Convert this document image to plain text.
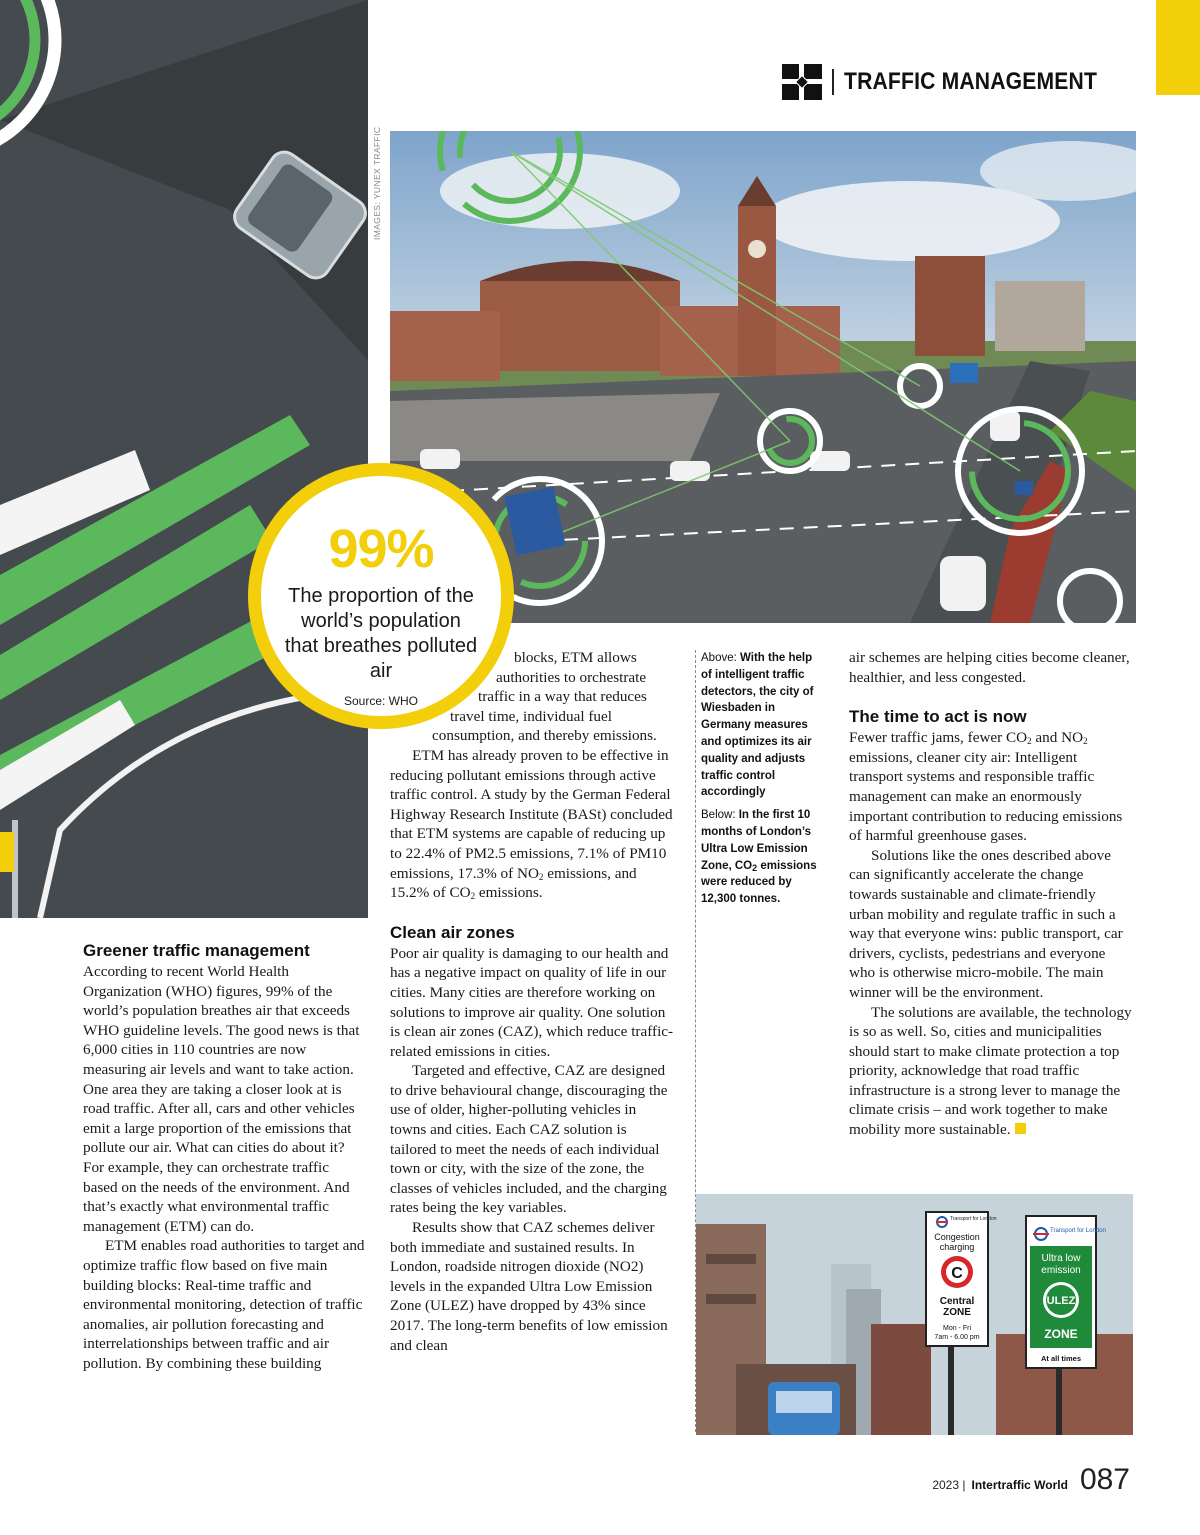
TRAFFIC MANAGEMENT
IMAGES: YUNEX TRAFFIC
99%
The proportion of the world’s population that breathes polluted air
Source: WHO
Greener traffic management

According to recent World Health Organization (WHO) figures, 99% of the world’s population breathes air that exceeds WHO guideline levels. The good news is that 6,000 cities in 110 countries are now measuring air levels and want to take action. One area they are taking a closer look at is road traffic. After all, cars and other vehicles emit a large proportion of the emissions that pollute our air. What can cities do about it? For example, they can orchestrate traffic based on the needs of the environment. And that’s exactly what environmental traffic management (ETM) can do.

ETM enables road authorities to target and optimize traffic flow based on five main building blocks: Real-time traffic and environmental monitoring, detection of traffic anomalies, air pollution forecasting and interrelationships between traffic and air pollution. By combining these building

blocks, ETM allows authorities to orchestrate traffic in a way that reduces travel time, individual fuel consumption, and thereby emissions.

ETM has already proven to be effective in reducing pollutant emissions through active traffic control. A study by the German Federal Highway Research Institute (BASt) concluded that ETM systems are capable of reducing up to 22.4% of PM2.5 emissions, 7.1% of PM10 emissions, 17.3% of $NO_2$ emissions, and 15.2% of $CO_2$ emissions.

Clean air zones

Poor air quality is damaging to our health and has a negative impact on quality of life in our cities. Many cities are therefore working on solutions to improve air quality. One solution is clean air zones (CAZ), which reduce traffic-related emissions in cities.

Targeted and effective, CAZ are designed to drive behavioural change, discouraging the use of older, higher-polluting vehicles in towns and cities. Each CAZ solution is tailored to meet the needs of each individual town or city, with the size of the zone, the classes of vehicles included, and the charging rates being the key variables.

Results show that CAZ schemes deliver both immediate and sustained results. In London, roadside nitrogen dioxide (NO2) levels in the expanded Ultra Low Emission Zone (ULEZ) have dropped by 43% since 2017. The long-term benefits of low emission and clean

Above: With the help of intelligent traffic detectors, the city of Wiesbaden in Germany measures and optimizes its air quality and adjusts traffic control accordingly

Below: In the first 10 months of London’s Ultra Low Emission Zone, $CO_2$ emissions were reduced by 12,300 tonnes.

air schemes are helping cities become cleaner, healthier, and less congested.

The time to act is now

Fewer traffic jams, fewer $CO_2$ and $NO_2$ emissions, cleaner city air: Intelligent transport systems and responsible traffic management can make an enormously important contribution to reducing emissions of harmful greenhouse gases.

Solutions like the ones described above can significantly accelerate the change towards sustainable and climate-friendly urban mobility and regulate traffic in such a way that everyone wins: public transport, car drivers, cyclists, pedestrians and everyone who is otherwise micro-mobile. The main winner will be the environment.

The solutions are available, the technology is so as well. So, cities and municipalities should start to make climate protection a top priority, acknowledge that road traffic infrastructure is a strong lever to manage the climate crisis – and work together to make mobility more sustainable.

Transport for London
Congestion
charging
C
Central
ZONE
Mon - Fri
7am - 6.00 pm
Transport for London
Ultra low
emission
ULEZ
ZONE
At all times
2023 | Intertraffic World 087
